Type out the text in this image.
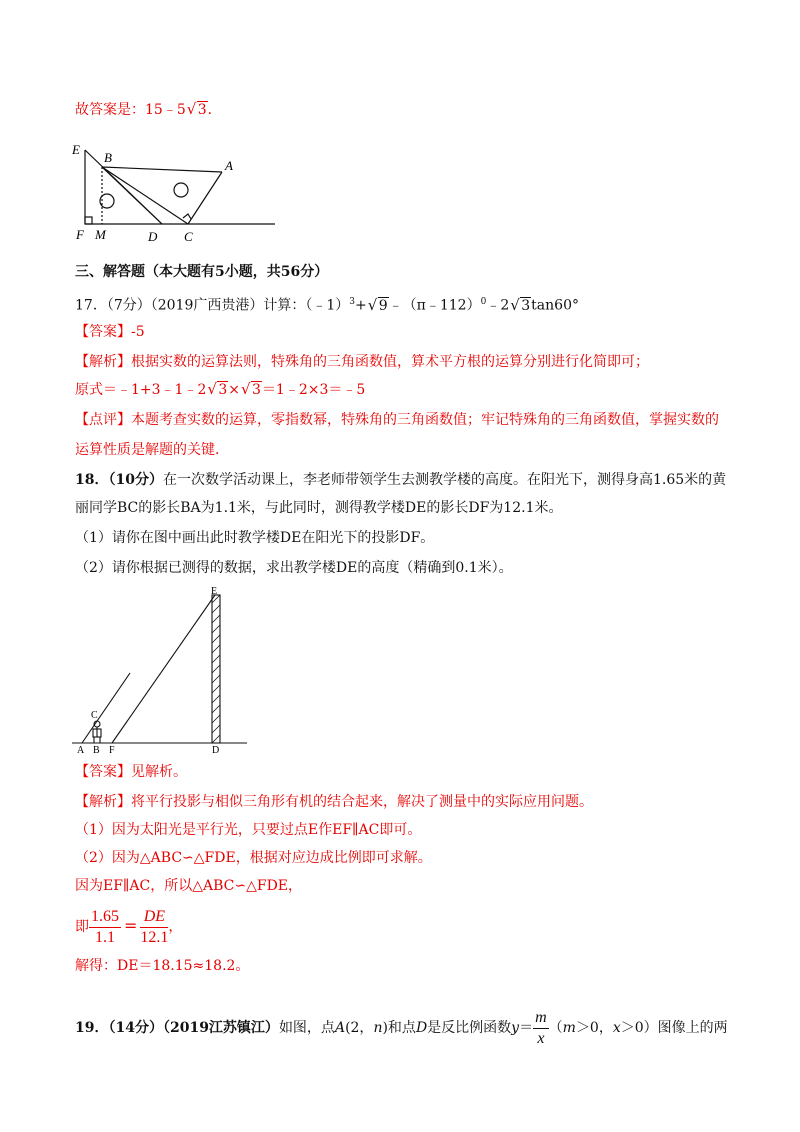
故答案是：15﹣5 √ 3．
E
B
A
F M	D C
三、解答题（本大题有5小题，共56分）
17．（7分）（2019广西贵港）计算：（﹣1）$^3$+ √ 9﹣（π﹣112）$^0$﹣2 √ 3tan60°
【答案】-5
【解析】根据实数的运算法则，特殊角的三角函数值，算术平方根的运算分别进行化简即可；
原式＝﹣1+3﹣1﹣2 √ 3× √ 3＝1﹣2×3＝﹣5
【点评】本题考查实数的运算，零指数幂，特殊角的三角函数值；牢记特殊角的三角函数值，掌握实数的
运算性质是解题的关键．
18．（10分）在一次数学活动课上，李老师带领学生去测教学楼的高度。在阳光下，测得身高1.65米的黄
丽同学BC的影长BA为1.1米，与此同时，测得教学楼DE的影长DF为12.1米。
（1）请你在图中画出此时教学楼DE在阳光下的投影DF。
（2）请你根据已测得的数据，求出教学楼DE的高度（精确到0.1米）。
E
C
A B F	D
【答案】见解析。
【解析】将平行投影与相似三角形有机的结合起来，解决了测量中的实际应用问题。
（1）因为太阳光是平行光，只要过点E作EF∥AC即可。
（2）因为△ABC∽△FDE，根据对应边成比例即可求解。
因为EF∥AC，所以△ABC∽△FDE，
即 $\frac{1.65}{1.1} = \frac{DE}{12.1}$ ，
解得：DE＝18.15≈18.2。
19．（14分）（2019江苏镇江）如图，点A(2，n)和点D是反比例函数$y= \frac{m}{x} (m>0$，x＞0）图像上的两
